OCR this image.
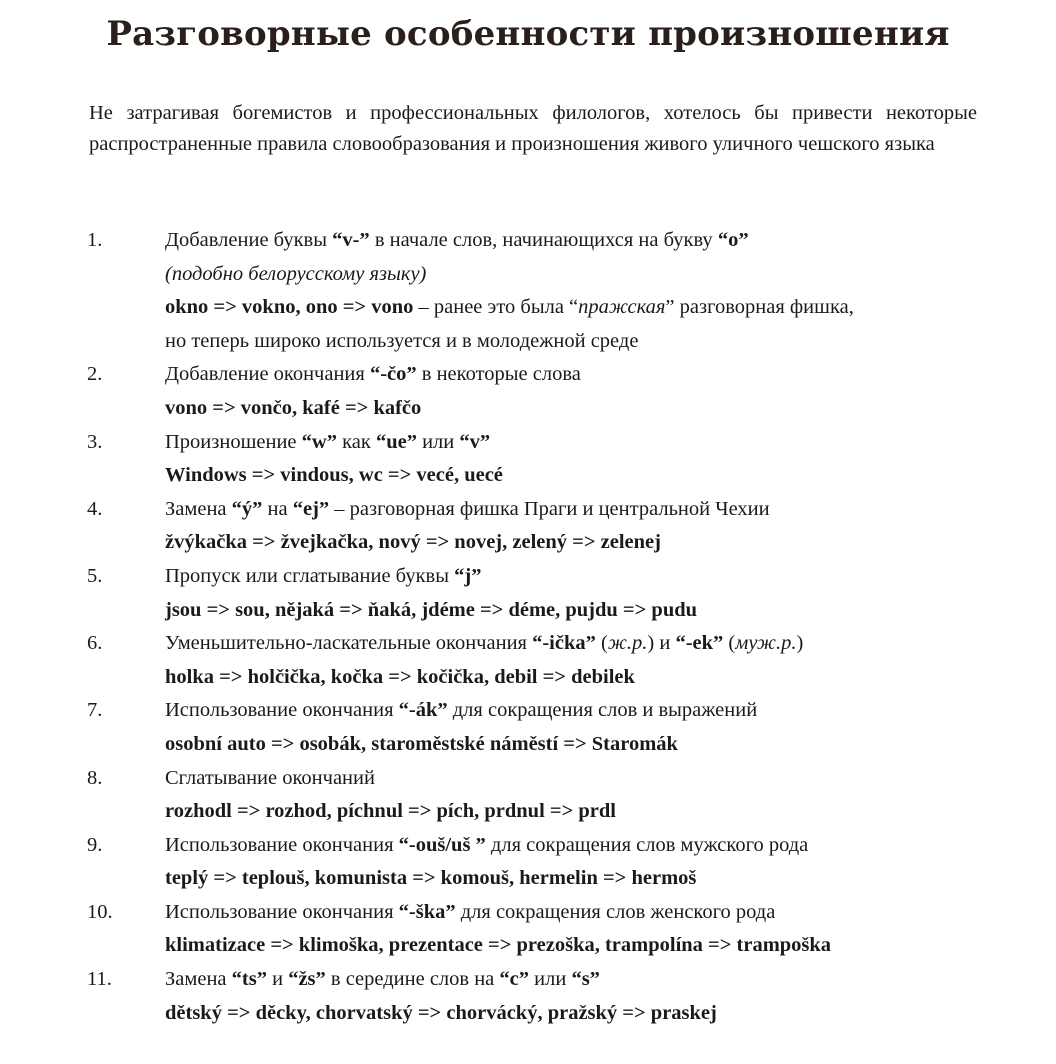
Разговорные особенности произношения
Не затрагивая богемистов и профессиональных филологов, хотелось бы привести некоторые распространенные правила словообразования и произношения живого уличного чешского языка
1.	Добавление буквы “v-” в начале слов, начинающихся на букву “o”
(подобно белорусскому языку)
okno => vokno, ono => vono – ранее это была “пражская” разговорная фишка,
но теперь широко используется и в молодежной среде
2.	Добавление окончания “-čo” в некоторые слова
vono => vončo, kafé => kafčo
3.	Произношение “w” как “ue” или “v”
Windows => vindous, wc => vecé, uecé
4.	Замена “ý” на “ej” – разговорная фишка Праги и центральной Чехии
žvýkačka => žvejkačka, nový => novej, zelený => zelenej
5.	Пропуск или сглатывание буквы “j”
jsou => sou, nějaká => ňaká, jdéme => déme, pujdu => pudu
6.	Уменьшительно-ласкательные окончания “-ička” (ж.р.) и “-ek” (муж.р.)
holka => holčička, kočka => kočička, debil => debilek
7.	Использование окончания “-ák” для сокращения слов и выражений
osobní auto => osobák, staroměstské náměstí => Staromák
8.	Сглатывание окончаний
rozhodl => rozhod, píchnul => pích, prdnul => prdl
9.	Использование окончания “-ouš/uš ” для сокращения слов мужского рода
teplý => teplouš, komunista => komouš, hermelin => hermoš
10.	Использование окончания “-ška” для сокращения слов женского рода
klimatizace => klimoška, prezentace => prezoška, trampolína => trampoška
11.	Замена “ts” и “žs” в середине слов на “c” или “s”
dětský => děcky, chorvatský => chorvácký, pražský => praskej
